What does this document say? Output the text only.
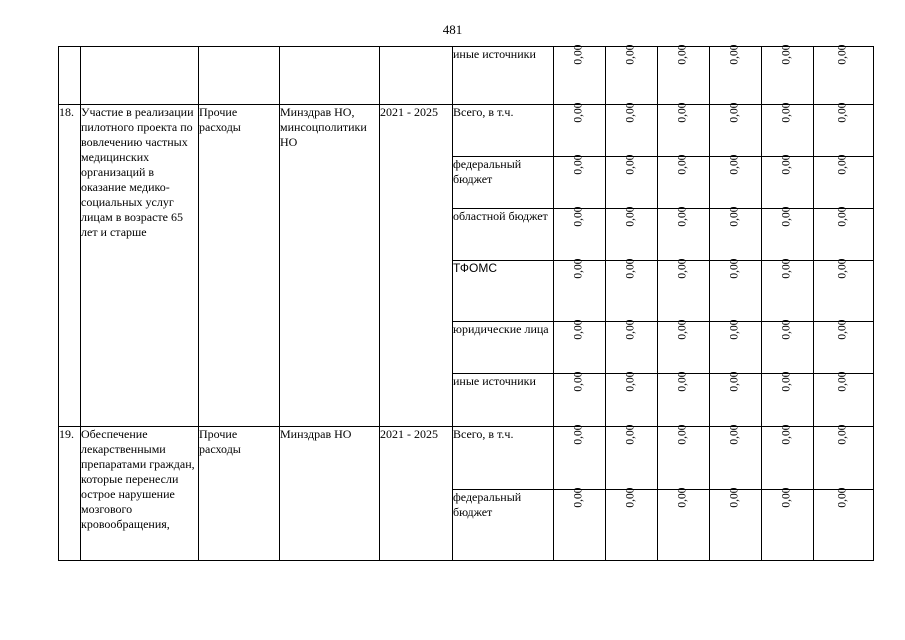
481
					иные источники	0,00	0,00	0,00	0,00	0,00	0,00

18.	Участие в реализации пилотного проекта по вовлечению частных медицинских организаций в оказание медико-социальных услуг лицам в возрасте 65 лет и старше	Прочие расходы	Минздрав НО, минсоцполитики НО	2021 - 2025	Всего, в т.ч.	0,00	0,00	0,00	0,00	0,00	0,00

					федеральный бюджет	0,00	0,00	0,00	0,00	0,00	0,00

					областной бюджет	0,00	0,00	0,00	0,00	0,00	0,00

					ТФОМС	0,00	0,00	0,00	0,00	0,00	0,00

					юридические лица	0,00	0,00	0,00	0,00	0,00	0,00

					иные источники	0,00	0,00	0,00	0,00	0,00	0,00

19.	Обеспечение лекарственными препаратами граждан, которые перенесли острое нарушение мозгового кровообращения,	Прочие расходы	Минздрав НО	2021 - 2025	Всего, в т.ч.	0,00	0,00	0,00	0,00	0,00	0,00

					федеральный бюджет	0,00	0,00	0,00	0,00	0,00	0,00
